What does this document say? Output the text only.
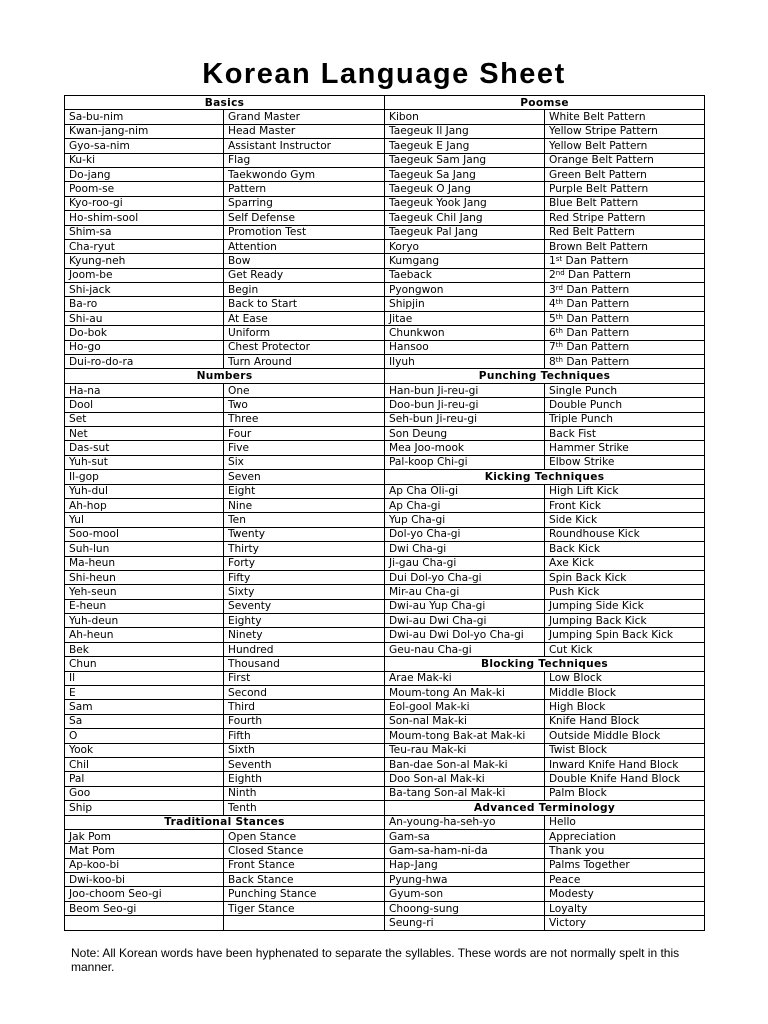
Korean Language Sheet
Basics		Poomse	
Sa-bu-nim	Grand Master	Kibon	White Belt Pattern
Kwan-jang-nim	Head Master	Taegeuk Il Jang	Yellow Stripe Pattern
Gyo-sa-nim	Assistant Instructor	Taegeuk E Jang	Yellow Belt Pattern
Ku-ki	Flag	Taegeuk Sam Jang	Orange Belt Pattern
Do-jang	Taekwondo Gym	Taegeuk Sa Jang	Green Belt Pattern
Poom-se	Pattern	Taegeuk O Jang	Purple Belt Pattern
Kyo-roo-gi	Sparring	Taegeuk Yook Jang	Blue Belt Pattern
Ho-shim-sool	Self Defense	Taegeuk Chil Jang	Red Stripe Pattern
Shim-sa	Promotion Test	Taegeuk Pal Jang	Red Belt Pattern
Cha-ryut	Attention	Koryo	Brown Belt Pattern
Kyung-neh	Bow	Kumgang	1st Dan Pattern
Joom-be	Get Ready	Taeback	2nd Dan Pattern
Shi-jack	Begin	Pyongwon	3rd Dan Pattern
Ba-ro	Back to Start	Shipjin	4th Dan Pattern
Shi-au	At Ease	Jitae	5th Dan Pattern
Do-bok	Uniform	Chunkwon	6th Dan Pattern
Ho-go	Chest Protector	Hansoo	7th Dan Pattern
Dui-ro-do-ra	Turn Around	Ilyuh	8th Dan Pattern
Numbers		Punching Techniques	
Ha-na	One	Han-bun Ji-reu-gi	Single Punch
Dool	Two	Doo-bun Ji-reu-gi	Double Punch
Set	Three	Seh-bun Ji-reu-gi	Triple Punch
Net	Four	Son Deung	Back Fist
Das-sut	Five	Mea Joo-mook	Hammer Strike
Yuh-sut	Six	Pal-koop Chi-gi	Elbow Strike
Il-gop	Seven	Kicking Techniques	
Yuh-dul	Eight	Ap Cha Oli-gi	High Lift Kick
Ah-hop	Nine	Ap Cha-gi	Front Kick
Yul	Ten	Yup Cha-gi	Side Kick
Soo-mool	Twenty	Dol-yo Cha-gi	Roundhouse Kick
Suh-lun	Thirty	Dwi Cha-gi	Back Kick
Ma-heun	Forty	Ji-gau Cha-gi	Axe Kick
Shi-heun	Fifty	Dui Dol-yo Cha-gi	Spin Back Kick
Yeh-seun	Sixty	Mir-au Cha-gi	Push Kick
E-heun	Seventy	Dwi-au Yup Cha-gi	Jumping Side Kick
Yuh-deun	Eighty	Dwi-au Dwi Cha-gi	Jumping Back Kick
Ah-heun	Ninety	Dwi-au Dwi Dol-yo Cha-gi	Jumping Spin Back Kick
Bek	Hundred	Geu-nau Cha-gi	Cut Kick
Chun	Thousand	Blocking Techniques	
Il	First	Arae Mak-ki	Low Block
E	Second	Moum-tong An Mak-ki	Middle Block
Sam	Third	Eol-gool Mak-ki	High Block
Sa	Fourth	Son-nal Mak-ki	Knife Hand Block
O	Fifth	Moum-tong Bak-at Mak-ki	Outside Middle Block
Yook	Sixth	Teu-rau Mak-ki	Twist Block
Chil	Seventh	Ban-dae Son-al Mak-ki	Inward Knife Hand Block
Pal	Eighth	Doo Son-al Mak-ki	Double Knife Hand Block
Goo	Ninth	Ba-tang Son-al Mak-ki	Palm Block
Ship	Tenth	Advanced Terminology	
Traditional Stances		An-young-ha-seh-yo	Hello
Jak Pom	Open Stance	Gam-sa	Appreciation
Mat Pom	Closed Stance	Gam-sa-ham-ni-da	Thank you
Ap-koo-bi	Front Stance	Hap-Jang	Palms Together
Dwi-koo-bi	Back Stance	Pyung-hwa	Peace
Joo-choom Seo-gi	Punching Stance	Gyum-son	Modesty
Beom Seo-gi	Tiger Stance	Choong-sung	Loyalty
		Seung-ri	Victory
Note: All Korean words have been hyphenated to separate the syllables. These words are not normally spelt in this manner.
